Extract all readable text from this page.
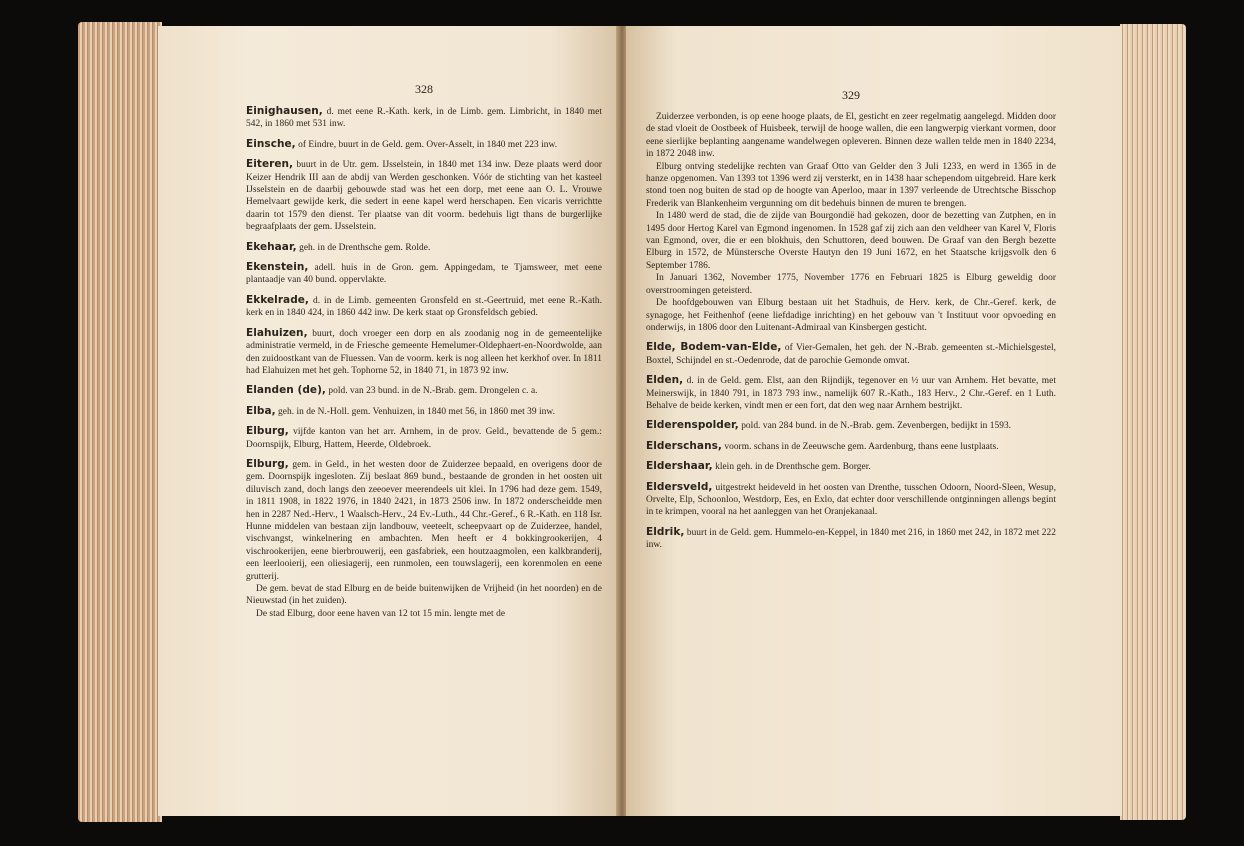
328

Einighausen, d. met eene R.-Kath. kerk, in de Limb. gem. Limbricht, in 1840 met 542, in 1860 met 531 inw.

Einsche, of Eindre, buurt in de Geld. gem. Over-Asselt, in 1840 met 223 inw.

Eiteren, buurt in de Utr. gem. IJsselstein, in 1840 met 134 inw. Deze plaats werd door Keizer Hendrik III aan de abdij van Werden geschonken. Vóór de stichting van het kasteel IJsselstein en de daarbij gebouwde stad was het een dorp, met eene aan O. L. Vrouwe Hemelvaart gewijde kerk, die sedert in eene kapel werd herschapen. Een vicaris verrichtte daarin tot 1579 den dienst. Ter plaatse van dit voorm. bedehuis ligt thans de burgerlijke begraafplaats der gem. IJsselstein.

Ekehaar, geh. in de Drenthsche gem. Rolde.

Ekenstein, adell. huis in de Gron. gem. Appingedam, te Tjamsweer, met eene plantaadje van 40 bund. oppervlakte.

Ekkelrade, d. in de Limb. gemeenten Gronsfeld en st.-Geertruid, met eene R.-Kath. kerk en in 1840 424, in 1860 442 inw. De kerk staat op Gronsfeldsch gebied.

Elahuizen, buurt, doch vroeger een dorp en als zoodanig nog in de gemeentelijke administratie vermeld, in de Friesche gemeente Hemelumer-Oldephaert-en-Noordwolde, aan den zuidoostkant van de Fluessen. Van de voorm. kerk is nog alleen het kerkhof over. In 1811 had Elahuizen met het geh. Tophorne 52, in 1840 71, in 1873 92 inw.

Elanden (de), pold. van 23 bund. in de N.-Brab. gem. Drongelen c. a.

Elba, geh. in de N.-Holl. gem. Venhuizen, in 1840 met 56, in 1860 met 39 inw.

Elburg, vijfde kanton van het arr. Arnhem, in de prov. Geld., bevattende de 5 gem.: Doornspijk, Elburg, Hattem, Heerde, Oldebroek.

Elburg, gem. in Geld., in het westen door de Zuiderzee bepaald, en overigens door de gem. Doornspijk ingesloten. Zij beslaat 869 bund., bestaande de gronden in het oosten uit diluvisch zand, doch langs den zeeoever meerendeels uit klei. In 1796 had deze gem. 1549, in 1811 1908, in 1822 1976, in 1840 2421, in 1873 2506 inw. In 1872 onderscheidde men hen in 2287 Ned.-Herv., 1 Waalsch-Herv., 24 Ev.-Luth., 44 Chr.-Geref., 6 R.-Kath. en 118 Isr. Hunne middelen van bestaan zijn landbouw, veeteelt, scheepvaart op de Zuiderzee, handel, vischvangst, winkelnering en ambachten. Men heeft er 4 bokkingrookerijen, 4 vischrookerijen, eene bierbrouwerij, een gasfabriek, een houtzaagmolen, een kalkbranderij, een leerlooierij, een oliesiagerij, een runmolen, een touwslagerij, een korenmolen en eene grutterij.

De gem. bevat de stad Elburg en de beide buitenwijken de Vrijheid (in het noorden) en de Nieuwstad (in het zuiden).

De stad Elburg, door eene haven van 12 tot 15 min. lengte met de

329

Zuiderzee verbonden, is op eene hooge plaats, de El, gesticht en zeer regelmatig aangelegd. Midden door de stad vloeit de Oostbeek of Huisbeek, terwijl de hooge wallen, die een langwerpig vierkant vormen, door eene sierlijke beplanting aangename wandelwegen opleveren. Binnen deze wallen telde men in 1840 2234, in 1872 2048 inw.

Elburg ontving stedelijke rechten van Graaf Otto van Gelder den 3 Juli 1233, en werd in 1365 in de hanze opgenomen. Van 1393 tot 1396 werd zij versterkt, en in 1438 haar schependom uitgebreid. Hare kerk stond toen nog buiten de stad op de hoogte van Aperloo, maar in 1397 verleende de Utrechtsche Bisschop Frederik van Blankenheim vergunning om dit bedehuis binnen de muren te brengen.

In 1480 werd de stad, die de zijde van Bourgondië had gekozen, door de bezetting van Zutphen, en in 1495 door Hertog Karel van Egmond ingenomen. In 1528 gaf zij zich aan den veldheer van Karel V, Floris van Egmond, over, die er een blokhuis, den Schuttoren, deed bouwen. De Graaf van den Bergh bezette Elburg in 1572, de Münstersche Overste Hautyn den 19 Juni 1672, en het Staatsche krijgsvolk den 6 September 1786.

In Januari 1362, November 1775, November 1776 en Februari 1825 is Elburg geweldig door overstroomingen geteisterd.

De hoofdgebouwen van Elburg bestaan uit het Stadhuis, de Herv. kerk, de Chr.-Geref. kerk, de synagoge, het Feithenhof (eene liefdadige inrichting) en het gebouw van 't Instituut voor opvoeding en onderwijs, in 1806 door den Luitenant-Admiraal van Kinsbergen gesticht.

Elde, Bodem-van-Elde, of Vier-Gemalen, het geh. der N.-Brab. gemeenten st.-Michielsgestel, Boxtel, Schijndel en st.-Oedenrode, dat de parochie Gemonde omvat.

Elden, d. in de Geld. gem. Elst, aan den Rijndijk, tegenover en ½ uur van Arnhem. Het bevatte, met Meinerswijk, in 1840 791, in 1873 793 inw., namelijk 607 R.-Kath., 183 Herv., 2 Chr.-Geref. en 1 Luth. Behalve de beide kerken, vindt men er een fort, dat den weg naar Arnhem bestrijkt.

Elderenspolder, pold. van 284 bund. in de N.-Brab. gem. Zevenbergen, bedijkt in 1593.

Elderschans, voorm. schans in de Zeeuwsche gem. Aardenburg, thans eene lustplaats.

Eldershaar, klein geh. in de Drenthsche gem. Borger.

Eldersveld, uitgestrekt heideveld in het oosten van Drenthe, tusschen Odoorn, Noord-Sleen, Wesup, Orvelte, Elp, Schoonloo, Westdorp, Ees, en Exlo, dat echter door verschillende ontginningen allengs begint in te krimpen, vooral na het aanleggen van het Oranjekanaal.

Eldrik, buurt in de Geld. gem. Hummelo-en-Keppel, in 1840 met 216, in 1860 met 242, in 1872 met 222 inw.
